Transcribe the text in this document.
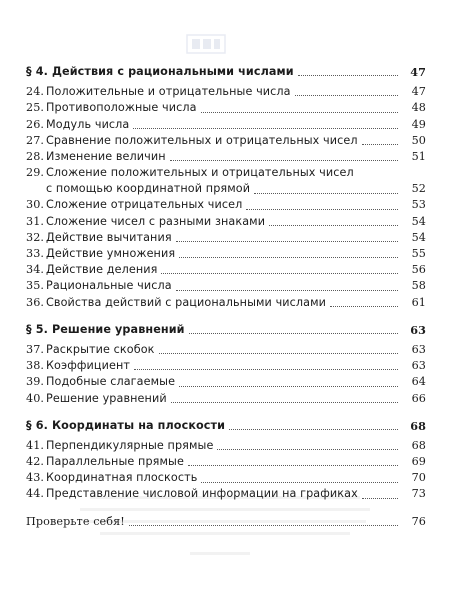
§ 4. Действия с рациональными числами	47
24. Положительные и отрицательные числа	47
25. Противоположные числа	48
26. Модуль числа	49
27. Сравнение положительных и отрицательных чисел	50
28. Изменение величин	51
29. Сложение положительных и отрицательных чисел
с помощью координатной прямой	52
30. Сложение отрицательных чисел	53
31. Сложение чисел с разными знаками	54
32. Действие вычитания	54
33. Действие умножения	55
34. Действие деления	56
35. Рациональные числа	58
36. Свойства действий с рациональными числами	61
§ 5. Решение уравнений	63
37. Раскрытие скобок	63
38. Коэффициент	63
39. Подобные слагаемые	64
40. Решение уравнений	66
§ 6. Координаты на плоскости	68
41. Перпендикулярные прямые	68
42. Параллельные прямые	69
43. Координатная плоскость	70
44. Представление числовой информации на графиках	73
Проверьте себя!	76
